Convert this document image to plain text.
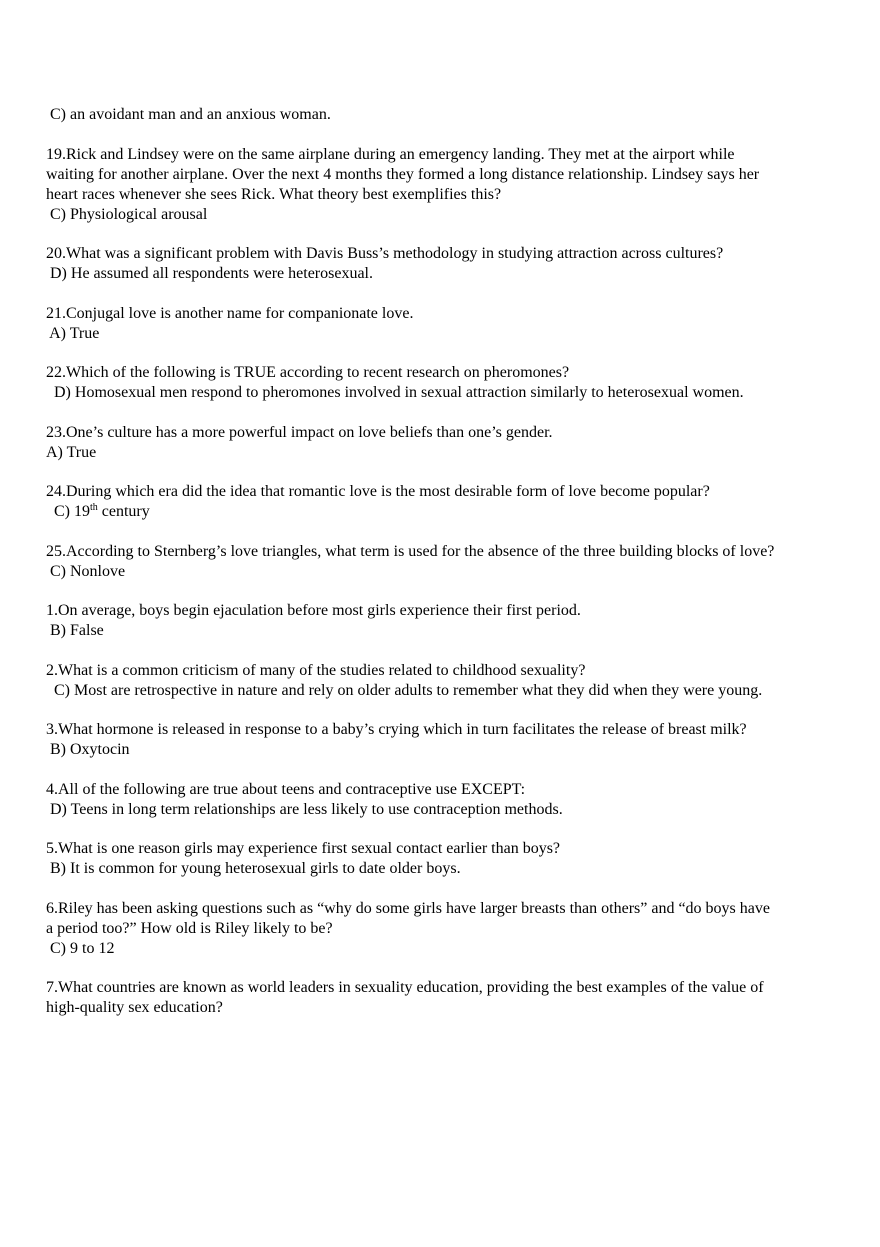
C) an avoidant man and an anxious woman.
19.Rick and Lindsey were on the same airplane during an emergency landing. They met at the airport while
waiting for another airplane. Over the next 4 months they formed a long distance relationship. Lindsey says her
heart races whenever she sees Rick. What theory best exemplifies this?
C) Physiological arousal
20.What was a significant problem with Davis Buss’s methodology in studying attraction across cultures?
D) He assumed all respondents were heterosexual.
21.Conjugal love is another name for companionate love.
A) True
22.Which of the following is TRUE according to recent research on pheromones?
D) Homosexual men respond to pheromones involved in sexual attraction similarly to heterosexual women.
23.One’s culture has a more powerful impact on love beliefs than one’s gender.
A) True
24.During which era did the idea that romantic love is the most desirable form of love become popular?
C) 19th century
25.According to Sternberg’s love triangles, what term is used for the absence of the three building blocks of love?
C) Nonlove
1.On average, boys begin ejaculation before most girls experience their first period.
B) False
2.What is a common criticism of many of the studies related to childhood sexuality?
C) Most are retrospective in nature and rely on older adults to remember what they did when they were young.
3.What hormone is released in response to a baby’s crying which in turn facilitates the release of breast milk?
B) Oxytocin
4.All of the following are true about teens and contraceptive use EXCEPT:
D) Teens in long term relationships are less likely to use contraception methods.
5.What is one reason girls may experience first sexual contact earlier than boys?
B) It is common for young heterosexual girls to date older boys.
6.Riley has been asking questions such as “why do some girls have larger breasts than others” and “do boys have
a period too?” How old is Riley likely to be?
C) 9 to 12
7.What countries are known as world leaders in sexuality education, providing the best examples of the value of
high-quality sex education?
